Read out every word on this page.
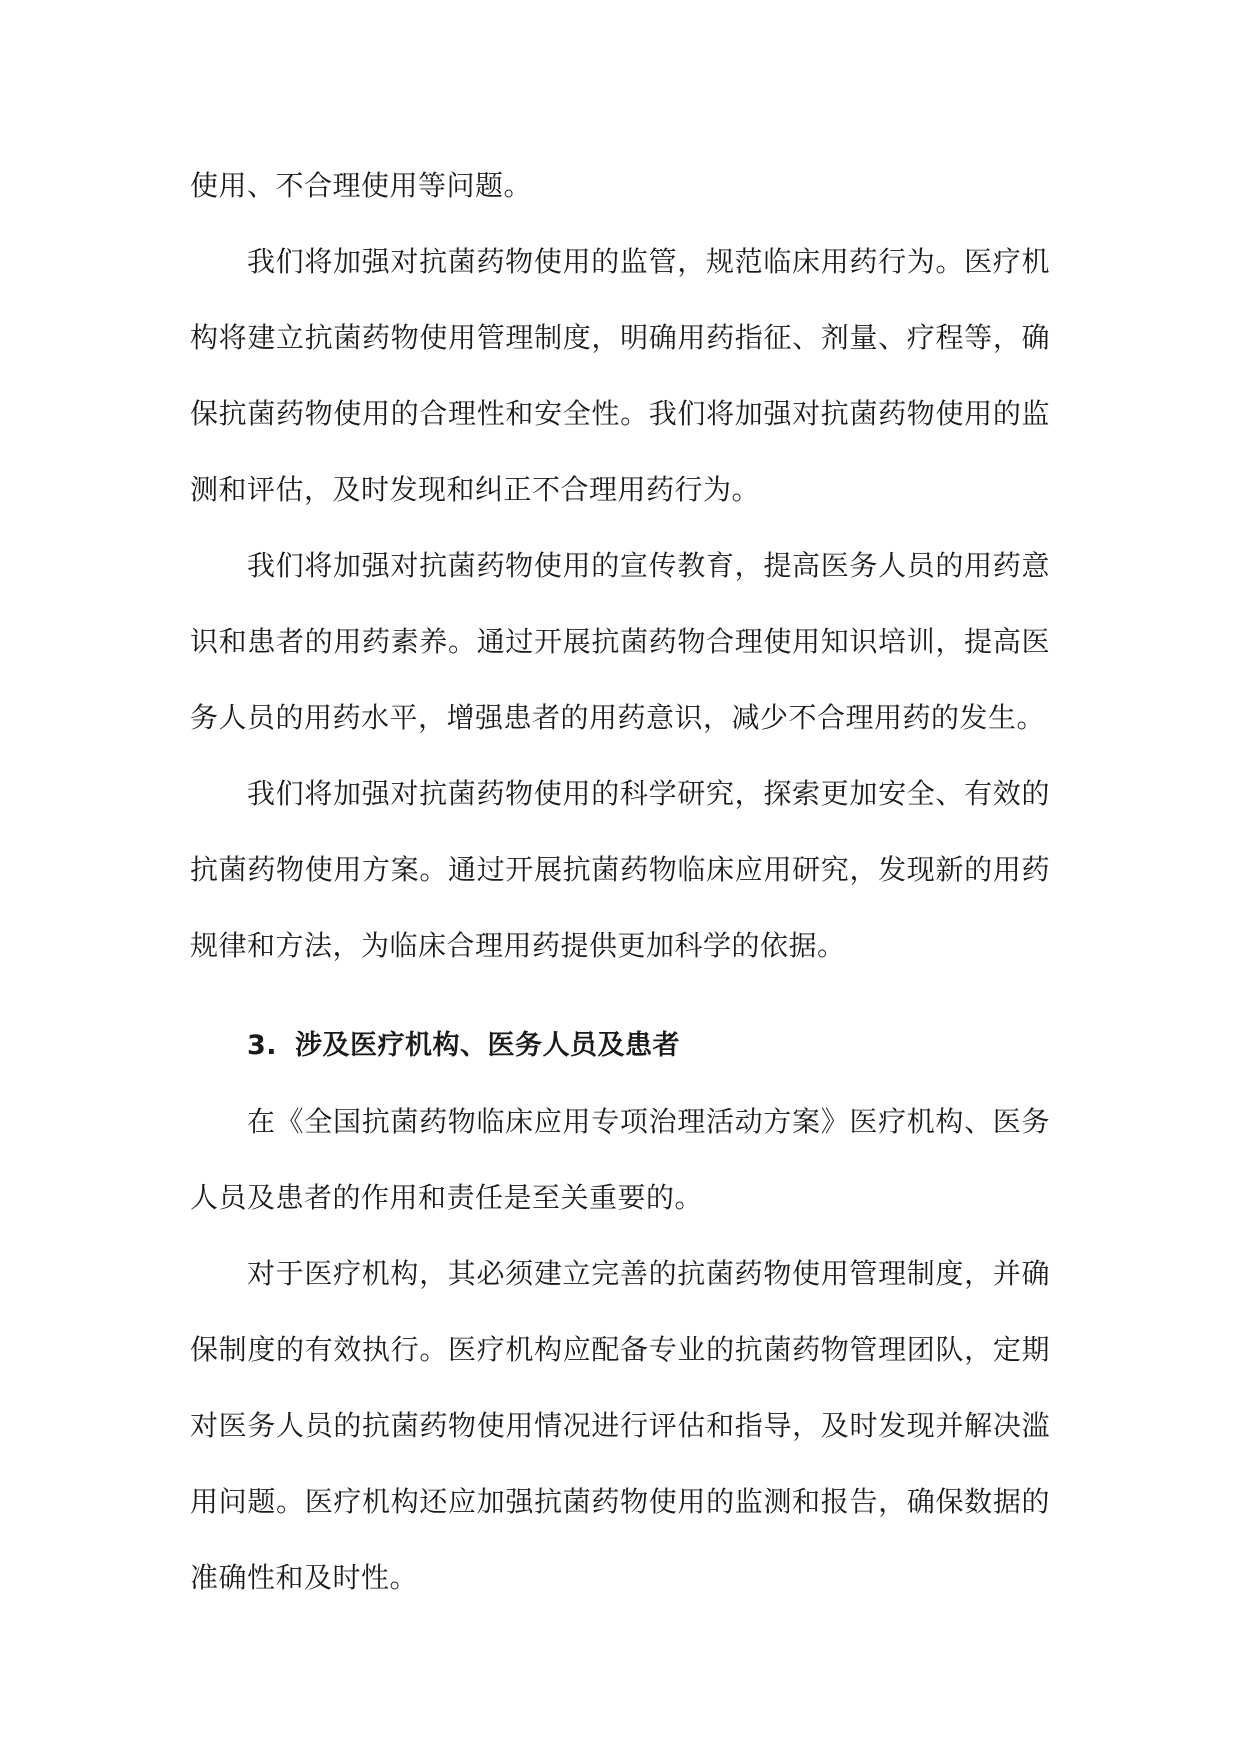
使用、不合理使用等问题。

我们将加强对抗菌药物使用的监管，规范临床用药行为。医疗机构将建立抗菌药物使用管理制度，明确用药指征、剂量、疗程等，确保抗菌药物使用的合理性和安全性。我们将加强对抗菌药物使用的监测和评估，及时发现和纠正不合理用药行为。

我们将加强对抗菌药物使用的宣传教育，提高医务人员的用药意识和患者的用药素养。通过开展抗菌药物合理使用知识培训，提高医务人员的用药水平，增强患者的用药意识，减少不合理用药的发生。

我们将加强对抗菌药物使用的科学研究，探索更加安全、有效的抗菌药物使用方案。通过开展抗菌药物临床应用研究，发现新的用药规律和方法，为临床合理用药提供更加科学的依据。

3. 涉及医疗机构、医务人员及患者

在《全国抗菌药物临床应用专项治理活动方案》医疗机构、医务人员及患者的作用和责任是至关重要的。

对于医疗机构，其必须建立完善的抗菌药物使用管理制度，并确保制度的有效执行。医疗机构应配备专业的抗菌药物管理团队，定期对医务人员的抗菌药物使用情况进行评估和指导，及时发现并解决滥用问题。医疗机构还应加强抗菌药物使用的监测和报告，确保数据的准确性和及时性。
